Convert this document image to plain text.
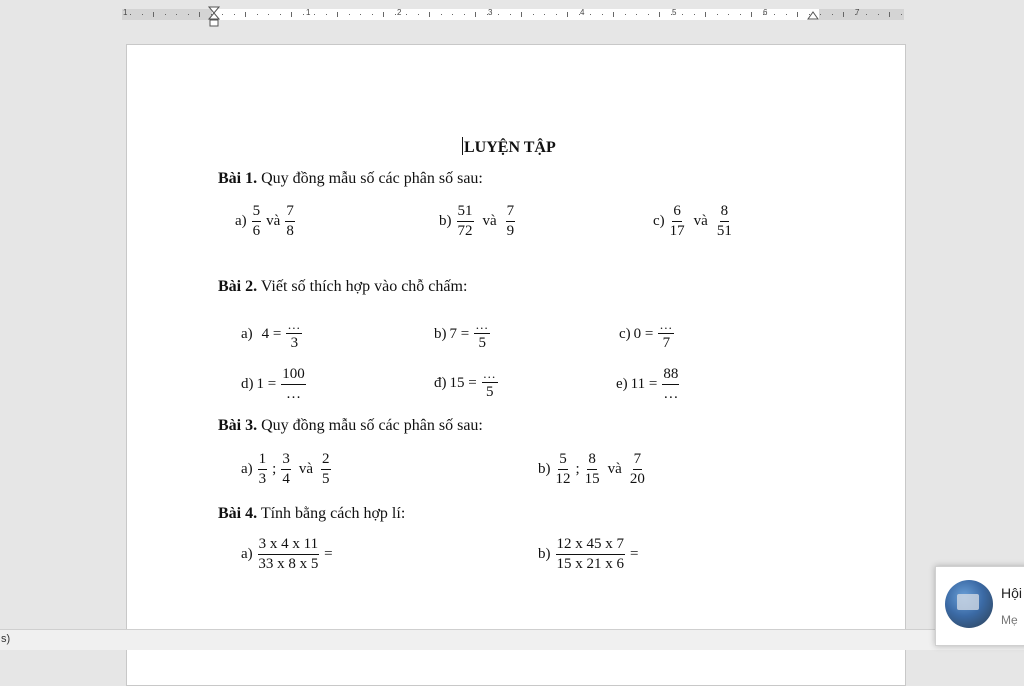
1	1	2	3	4	5	6	7
LUYỆN TẬP
Bài 1. Quy đồng mẫu số các phân số sau:
$a) \frac{5}{6}$ và $\frac{7}{8}$	$b) \frac{51}{72}$ và $\frac{7}{9}$	$c) \frac{6}{17}$ và $\frac{8}{51}$
Bài 2. Viết số thích hợp vào chỗ chấm:
a) $4 = \frac{\dots}{3}$	b) $7 = \frac{\dots}{5}$	c) $0 = \frac{\dots}{7}$
d) $1 = \frac{100}{\dots}$	đ) $15 = \frac{\dots}{5}$	e) $11 = \frac{88}{\dots}$
Bài 3. Quy đồng mẫu số các phân số sau:
$a) \frac{1}{3}$ ; $\frac{3}{4}$ và $\frac{2}{5}$	$b) \frac{5}{12}$ ; $\frac{8}{15}$ và $\frac{7}{20}$
Bài 4. Tính bằng cách hợp lí:
$a) \frac{3 x 4 x 11}{33 x 8 x 5}$ =	$b) \frac{12 x 45 x 7}{15 x 21 x 6}$ =
s)
Hội
Mẹ
